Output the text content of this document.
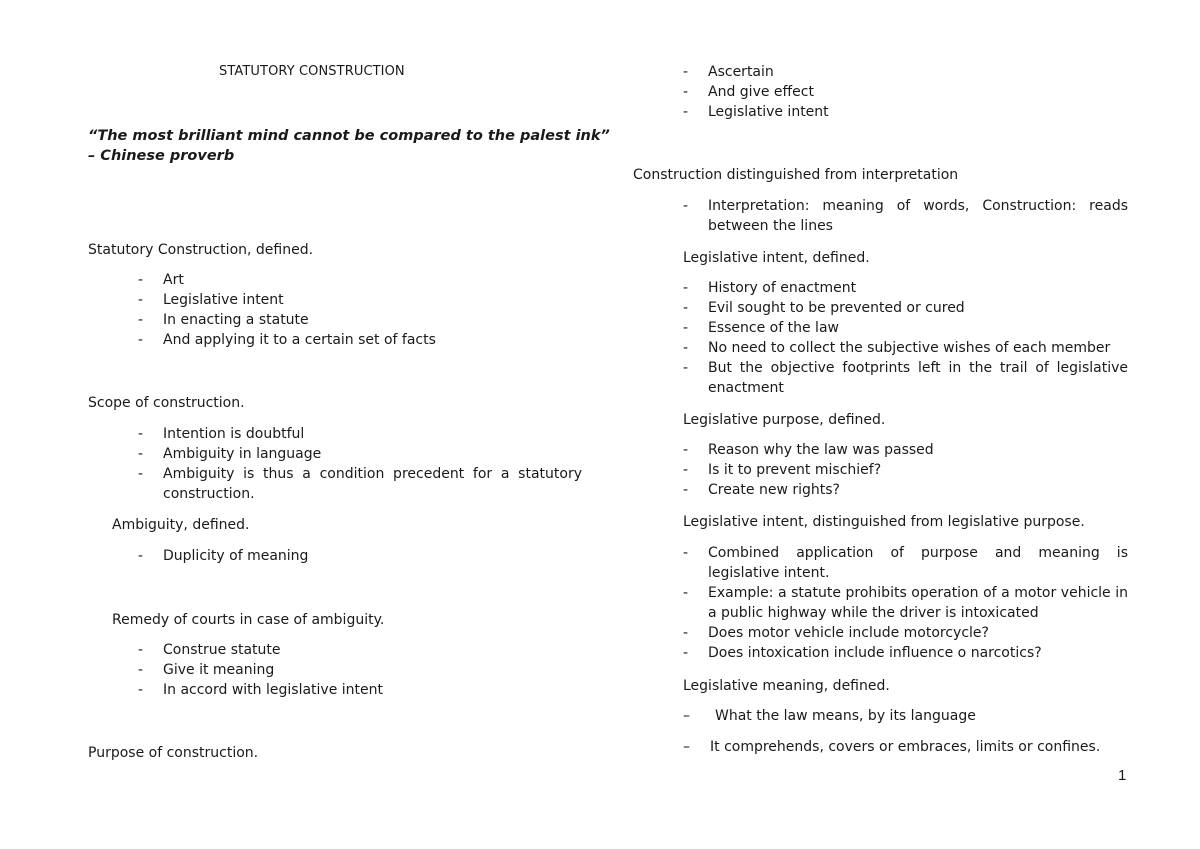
STATUTORY CONSTRUCTION
“The most brilliant mind cannot be compared to the palest ink”
– Chinese proverb
Statutory Construction, defined.
-	Art
-	Legislative intent
-	In enacting a statute
-	And applying it to a certain set of facts
Scope of construction.
-	Intention is doubtful
-	Ambiguity in language
-	Ambiguity is thus a condition precedent for a statutory construction.
Ambiguity, defined.
-	Duplicity of meaning
Remedy of courts in case of ambiguity.
-	Construe statute
-	Give it meaning
-	In accord with legislative intent
Purpose of construction.
-	Ascertain
-	And give effect
-	Legislative intent
Construction distinguished from interpretation
-	Interpretation: meaning of words, Construction: reads between the lines
Legislative intent, defined.
-	History of enactment
-	Evil sought to be prevented or cured
-	Essence of the law
-	No need to collect the subjective wishes of each member
-	But the objective footprints left in the trail of legislative enactment
Legislative purpose, defined.
-	Reason why the law was passed
-	Is it to prevent mischief?
-	Create new rights?
Legislative intent, distinguished from legislative purpose.
-	Combined application of purpose and meaning is legislative intent.
-	Example: a statute prohibits operation of a motor vehicle in a public highway while the driver is intoxicated
-	Does motor vehicle include motorcycle?
-	Does intoxication include influence o narcotics?
Legislative meaning, defined.
– What the law means, by its language
– It comprehends, covers or embraces, limits or confines.
1
